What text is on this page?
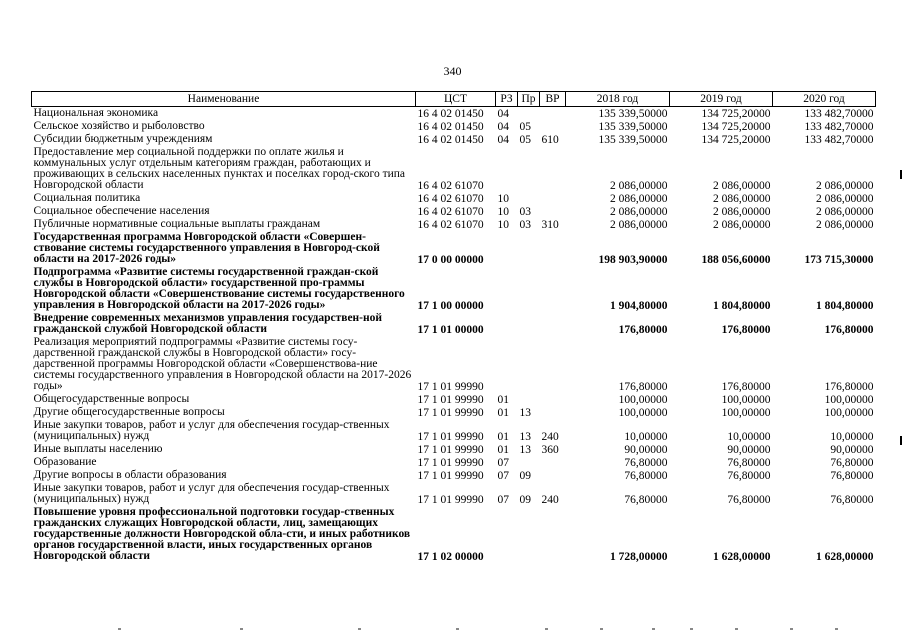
340
Наименование	ЦСТ	РЗ	Пр	ВР	2018 год	2019 год	2020 год
Национальная экономика	16 4 02 01450	04			135 339,50000	134 725,20000	133 482,70000
Сельское хозяйство и рыболовство	16 4 02 01450	04	05		135 339,50000	134 725,20000	133 482,70000
Субсидии бюджетным учреждениям	16 4 02 01450	04	05	610	135 339,50000	134 725,20000	133 482,70000
Предоставление мер социальной поддержки по оплате жилья и коммунальных услуг отдельным категориям граждан, работающих и проживающих в сельских населенных пунктах и поселках город-ского типа Новгородской области	16 4 02 61070				2 086,00000	2 086,00000	2 086,00000
Социальная политика	16 4 02 61070	10			2 086,00000	2 086,00000	2 086,00000
Социальное обеспечение населения	16 4 02 61070	10	03		2 086,00000	2 086,00000	2 086,00000
Публичные нормативные социальные выплаты гражданам	16 4 02 61070	10	03	310	2 086,00000	2 086,00000	2 086,00000
Государственная программа Новгородской области «Совершен-ствование системы государственного управления в Новгород-ской области на 2017-2026 годы»	17 0 00 00000				198 903,90000	188 056,60000	173 715,30000
Подпрограмма «Развитие системы государственной граждан-ской службы в Новгородской области» государственной про-граммы Новгородской области «Совершенствование системы государственного управления в Новгородской области на 2017-2026 годы»	17 1 00 00000				1 904,80000	1 804,80000	1 804,80000
Внедрение современных механизмов управления государствен-ной гражданской службой Новгородской области	17 1 01 00000				176,80000	176,80000	176,80000
Реализация мероприятий подпрограммы «Развитие системы госу-дарственной гражданской службы в Новгородской области» госу-дарственной программы Новгородской области «Совершенствова-ние системы государственного управления в Новгородской области на 2017-2026 годы»	17 1 01 99990				176,80000	176,80000	176,80000
Общегосударственные вопросы	17 1 01 99990	01			100,00000	100,00000	100,00000
Другие общегосударственные вопросы	17 1 01 99990	01	13		100,00000	100,00000	100,00000
Иные закупки товаров, работ и услуг для обеспечения государ-ственных (муниципальных) нужд	17 1 01 99990	01	13	240	10,00000	10,00000	10,00000
Иные выплаты населению	17 1 01 99990	01	13	360	90,00000	90,00000	90,00000
Образование	17 1 01 99990	07			76,80000	76,80000	76,80000
Другие вопросы в области образования	17 1 01 99990	07	09		76,80000	76,80000	76,80000
Иные закупки товаров, работ и услуг для обеспечения государ-ственных (муниципальных) нужд	17 1 01 99990	07	09	240	76,80000	76,80000	76,80000
Повышение уровня профессиональной подготовки государ-ственных гражданских служащих Новгородской области, лиц, замещающих государственные должности Новгородской обла-сти, и иных работников органов государственной власти, иных государственных органов Новгородской области	17 1 02 00000				1 728,00000	1 628,00000	1 628,00000
